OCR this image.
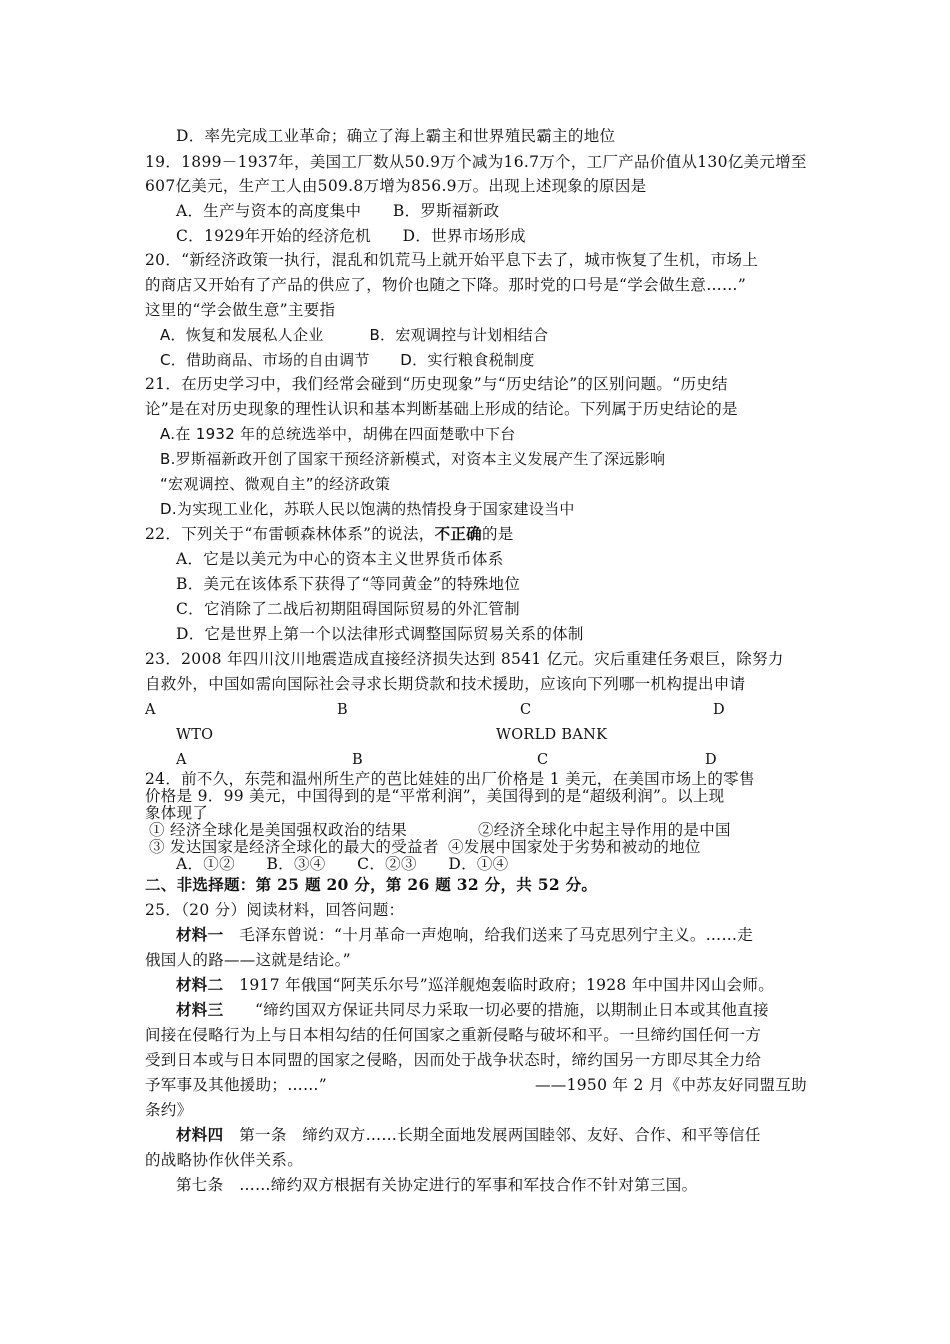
D．率先完成工业革命；确立了海上霸主和世界殖民霸主的地位
19．1899－1937年，美国工厂数从50.9万个减为16.7万个，工厂产品价值从130亿美元增至
607亿美元，生产工人由509.8万增为856.9万。出现上述现象的原因是
A．生产与资本的高度集中　　B．罗斯福新政
C．1929年开始的经济危机　　D．世界市场形成
20．“新经济政策一执行，混乱和饥荒马上就开始平息下去了，城市恢复了生机，市场上
的商店又开始有了产品的供应了，物价也随之下降。那时党的口号是“学会做生意……”
这里的“学会做生意”主要指
A．恢复和发展私人企业　　　B．宏观调控与计划相结合
C．借助商品、市场的自由调节　　D．实行粮食税制度
21．在历史学习中，我们经常会碰到“历史现象”与“历史结论”的区别问题。“历史结
论”是在对历史现象的理性认识和基本判断基础上形成的结论。下列属于历史结论的是
A.在 1932 年的总统选举中，胡佛在四面楚歌中下台
B.罗斯福新政开创了国家干预经济新模式，对资本主义发展产生了深远影响
“宏观调控、微观自主”的经济政策
D.为实现工业化，苏联人民以饱满的热情投身于国家建设当中
22．下列关于“布雷顿森林体系”的说法，不正确的是
A．它是以美元为中心的资本主义世界货币体系
B．美元在该体系下获得了“等同黄金”的特殊地位
C．它消除了二战后初期阻碍国际贸易的外汇管制
D．它是世界上第一个以法律形式调整国际贸易关系的体制
23．2008 年四川汶川地震造成直接经济损失达到 8541 亿元。灾后重建任务艰巨，除努力
自救外，中国如需向国际社会寻求长期贷款和技术援助，应该向下列哪一机构提出申请
A	B	C	D
WTO	WORLD BANK
A	B	C	D
24．前不久，东莞和温州所生产的芭比娃娃的出厂价格是 1 美元，在美国市场上的零售
价格是 9．99 美元，中国得到的是“平常利润”，美国得到的是“超级利润”。以上现
象体现了
① 经济全球化是美国强权政治的结果	②经济全球化中起主导作用的是中国
③ 发达国家是经济全球化的最大的受益者 ④发展中国家处于劣势和被动的地位
A．①②　　B．③④　　C．②③　　D．①④
二、非选择题：第 25 题 20 分，第 26 题 32 分，共 52 分。
25．（20 分）阅读材料，回答问题：
材料一　 毛泽东曾说：“十月革命一声炮响，给我们送来了马克思列宁主义。……走
俄国人的路——这就是结论。”
材料二　 1917 年俄国“阿芙乐尔号”巡洋舰炮轰临时政府；1928 年中国井冈山会师。
材料三　　 “缔约国双方保证共同尽力采取一切必要的措施，以期制止日本或其他直接
间接在侵略行为上与日本相勾结的任何国家之重新侵略与破坏和平。一旦缔约国任何一方
受到日本或与日本同盟的国家之侵略，因而处于战争状态时，缔约国另一方即尽其全力给
予军事及其他援助；……”	——1950 年 2 月《中苏友好同盟互助
条约》
材料四　 第一条　缔约双方……长期全面地发展两国睦邻、友好、合作、和平等信任
的战略协作伙伴关系。
第七条　……缔约双方根据有关协定进行的军事和军技合作不针对第三国。
